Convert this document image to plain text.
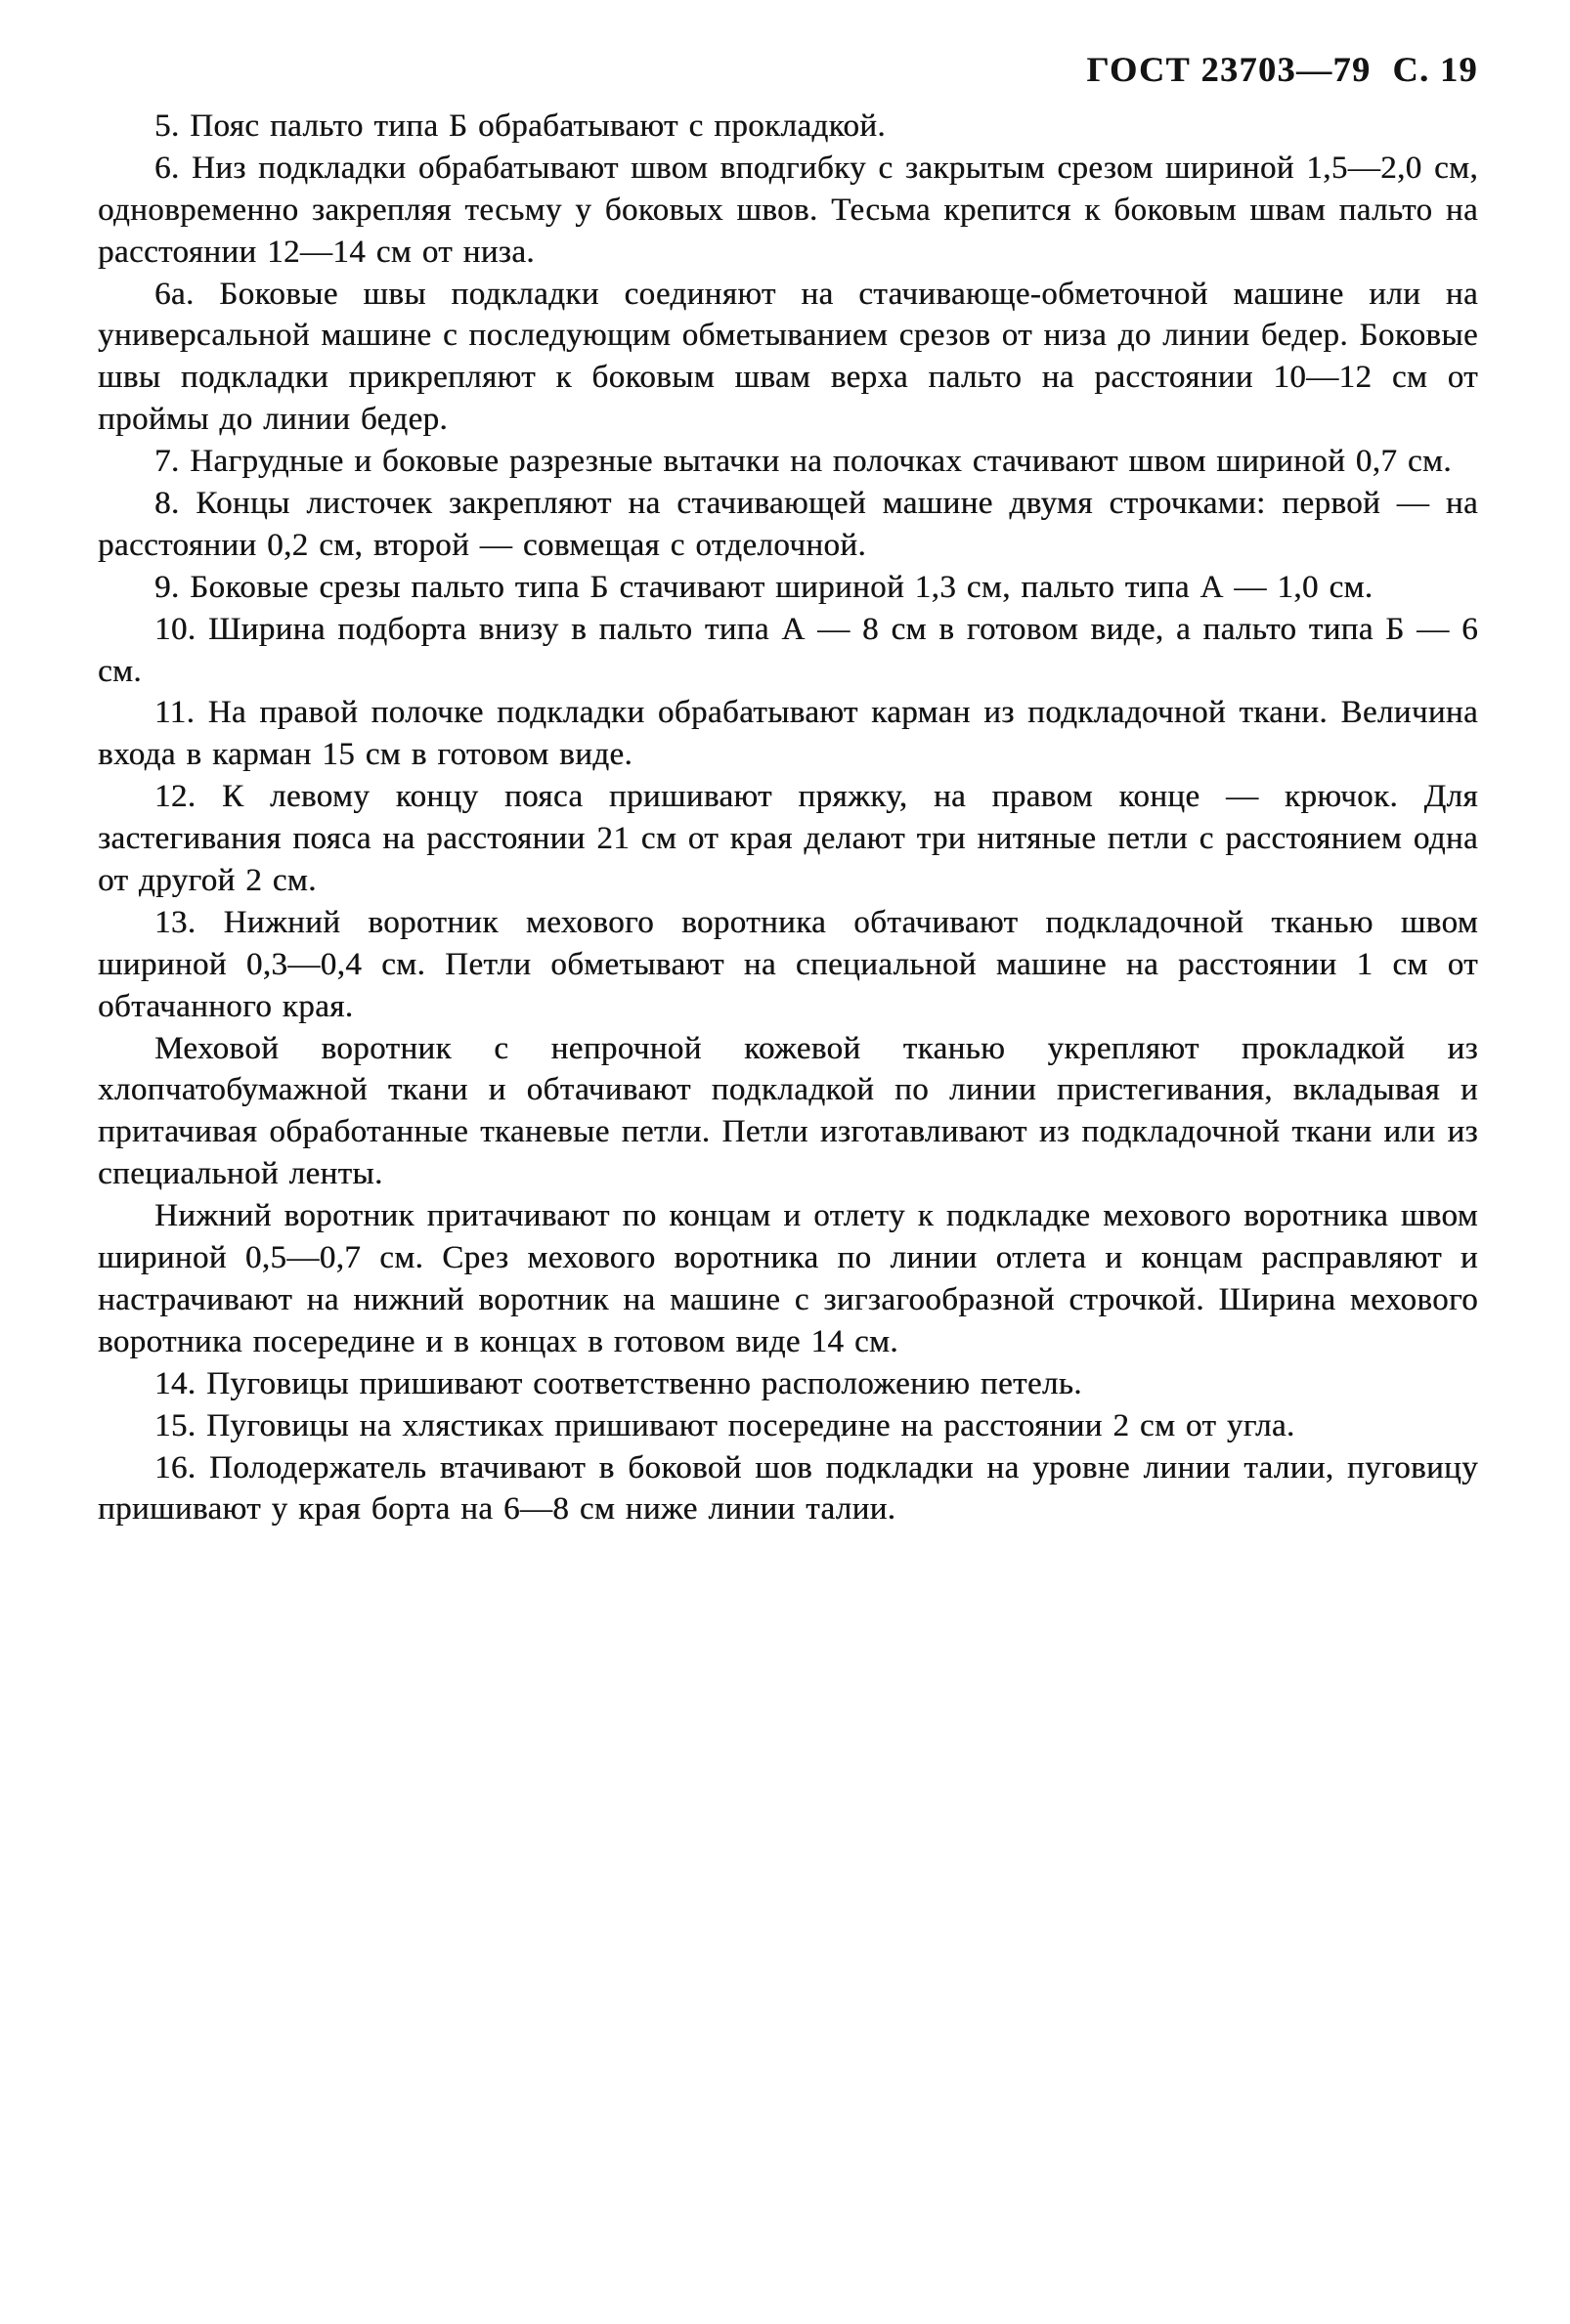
ГОСТ 23703—79 С. 19

5. Пояс пальто типа Б обрабатывают с прокладкой.

6. Низ подкладки обрабатывают швом вподгибку с закрытым срезом шириной 1,5—2,0 см, одновременно закрепляя тесьму у боковых швов. Тесьма крепится к боковым швам пальто на расстоянии 12—14 см от низа.

6а. Боковые швы подкладки соединяют на стачивающе-обметочной машине или на универсальной машине с последующим обметыванием срезов от низа до линии бедер. Боковые швы подкладки прикрепляют к боковым швам верха пальто на расстоянии 10—12 см от проймы до линии бедер.

7. Нагрудные и боковые разрезные вытачки на полочках стачивают швом шириной 0,7 см.

8. Концы листочек закрепляют на стачивающей машине двумя строчками: первой — на расстоянии 0,2 см, второй — совмещая с отделочной.

9. Боковые срезы пальто типа Б стачивают шириной 1,3 см, пальто типа А — 1,0 см.

10. Ширина подборта внизу в пальто типа А — 8 см в готовом виде, а пальто типа Б — 6 см.

11. На правой полочке подкладки обрабатывают карман из подкладочной ткани. Величина входа в карман 15 см в готовом виде.

12. К левому концу пояса пришивают пряжку, на правом конце — крючок. Для застегивания пояса на расстоянии 21 см от края делают три нитяные петли с расстоянием одна от другой 2 см.

13. Нижний воротник мехового воротника обтачивают подкладочной тканью швом шириной 0,3—0,4 см. Петли обметывают на специальной машине на расстоянии 1 см от обтачанного края.

Меховой воротник с непрочной кожевой тканью укрепляют прокладкой из хлопчатобумажной ткани и обтачивают подкладкой по линии пристегивания, вкладывая и притачивая обработанные тканевые петли. Петли изготавливают из подкладочной ткани или из специальной ленты.

Нижний воротник притачивают по концам и отлету к подкладке мехового воротника швом шириной 0,5—0,7 см. Срез мехового воротника по линии отлета и концам расправляют и настрачивают на нижний воротник на машине с зигзагообразной строчкой. Ширина мехового воротника посередине и в концах в готовом виде 14 см.

14. Пуговицы пришивают соответственно расположению петель.

15. Пуговицы на хлястиках пришивают посередине на расстоянии 2 см от угла.

16. Полодержатель втачивают в боковой шов подкладки на уровне линии талии, пуговицу пришивают у края борта на 6—8 см ниже линии талии.
